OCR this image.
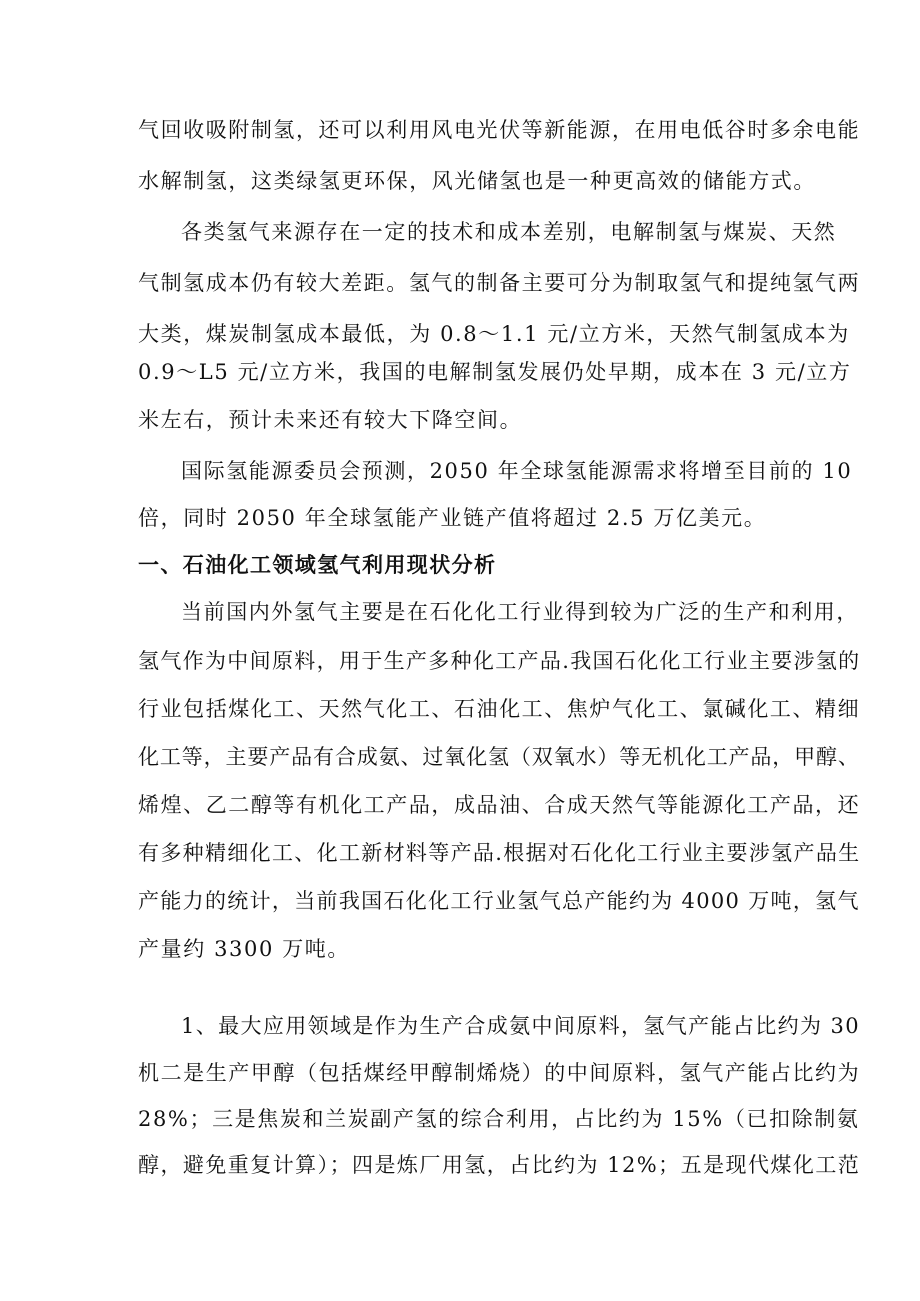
气回收吸附制氢，还可以利用风电光伏等新能源，在用电低谷时多余电能
水解制氢，这类绿氢更环保，风光储氢也是一种更高效的储能方式。
各类氢气来源存在一定的技术和成本差别，电解制氢与煤炭、天然
气制氢成本仍有较大差距。氢气的制备主要可分为制取氢气和提纯氢气两
大类，煤炭制氢成本最低，为 0.8～1.1 元/立方米，天然气制氢成本为
0.9～L5 元/立方米，我国的电解制氢发展仍处早期，成本在 3 元/立方
米左右，预计未来还有较大下降空间。
国际氢能源委员会预测，2050 年全球氢能源需求将增至目前的 10
倍，同时 2050 年全球氢能产业链产值将超过 2.5 万亿美元。
一、石油化工领域氢气利用现状分析
当前国内外氢气主要是在石化化工行业得到较为广泛的生产和利用，
氢气作为中间原料，用于生产多种化工产品.我国石化化工行业主要涉氢的
行业包括煤化工、天然气化工、石油化工、焦炉气化工、氯碱化工、精细
化工等，主要产品有合成氨、过氧化氢（双氧水）等无机化工产品，甲醇、
烯煌、乙二醇等有机化工产品，成品油、合成天然气等能源化工产品，还
有多种精细化工、化工新材料等产品.根据对石化化工行业主要涉氢产品生
产能力的统计，当前我国石化化工行业氢气总产能约为 4000 万吨，氢气
产量约 3300 万吨。
1、最大应用领域是作为生产合成氨中间原料，氢气产能占比约为 30
机二是生产甲醇（包括煤经甲醇制烯烧）的中间原料，氢气产能占比约为
28%；三是焦炭和兰炭副产氢的综合利用，占比约为 15%（已扣除制氨
醇，避免重复计算）；四是炼厂用氢，占比约为 12%；五是现代煤化工范
